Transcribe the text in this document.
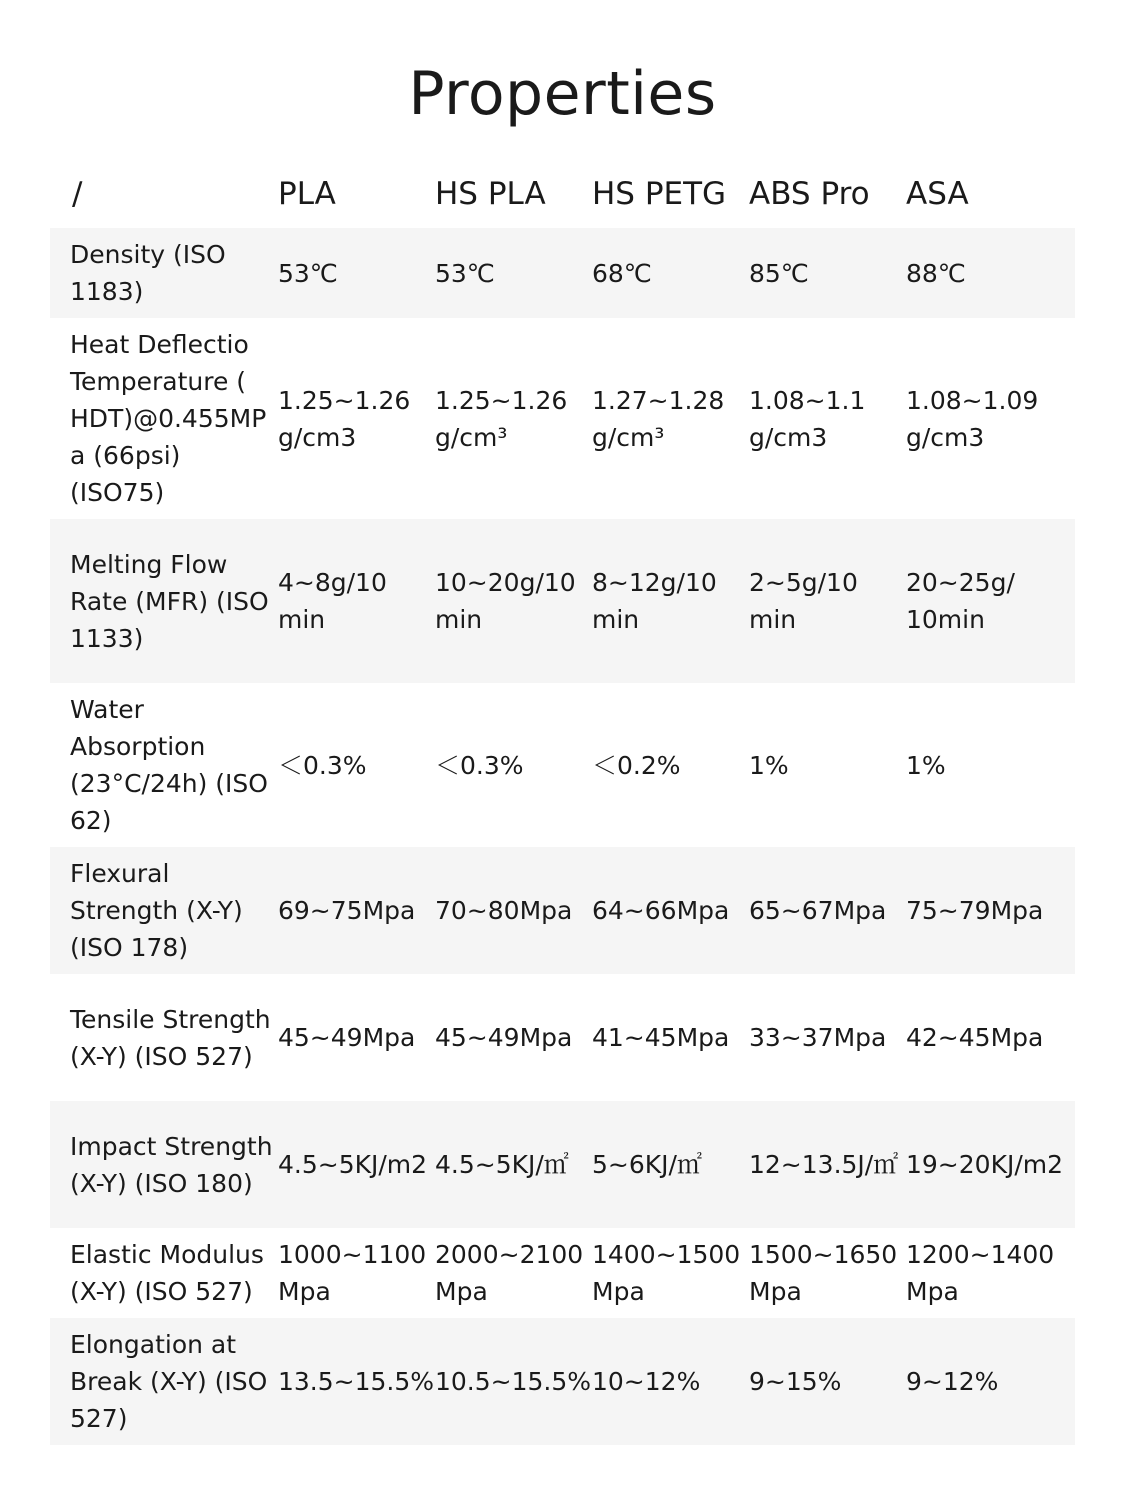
Properties
/	PLA	HS PLA	HS PETG	ABS Pro	ASA
Density (ISO 1183)	53℃	53℃	68℃	85℃	88℃
Heat Deflectio Temperature ( HDT)@0.455MPa (66psi) (ISO75)	1.25~1.26 g/cm3	1.25~1.26 g/cm³	1.27~1.28 g/cm³	1.08~1.1 g/cm3	1.08~1.09 g/cm3
Melting Flow Rate (MFR) (ISO 1133)	4~8g/10 min	10~20g/10 min	8~12g/10 min	2~5g/10 min	20~25g/ 10min
Water Absorption (23°C/24h) (ISO 62)	＜0.3%	＜0.3%	＜0.2%	1%	1%
Flexural Strength (X-Y) (ISO 178)	69~75Mpa	70~80Mpa	64~66Mpa	65~67Mpa	75~79Mpa
Tensile Strength (X-Y) (ISO 527)	45~49Mpa	45~49Mpa	41~45Mpa	33~37Mpa	42~45Mpa
Impact Strength (X-Y) (ISO 180)	4.5~5KJ/m2	4.5~5KJ/㎡	5~6KJ/㎡	12~13.5J/㎡	19~20KJ/m2
Elastic Modulus (X-Y) (ISO 527)	1000~1100 Mpa	2000~2100 Mpa	1400~1500 Mpa	1500~1650 Mpa	1200~1400 Mpa
Elongation at Break (X-Y) (ISO 527)	13.5~15.5%	10.5~15.5%	10~12%	9~15%	9~12%
